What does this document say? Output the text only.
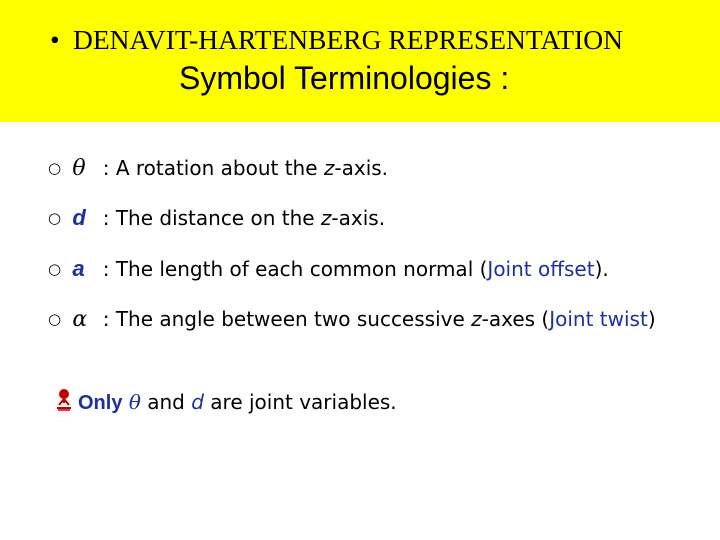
• DENAVIT-HARTENBERG REPRESENTATION
Symbol Terminologies :
○ θ : A rotation about the z-axis.
○ d : The distance on the z-axis.
○ a : The length of each common normal (Joint offset).
○ α : The angle between two successive z-axes (Joint twist)
Only θ and d are joint variables.
